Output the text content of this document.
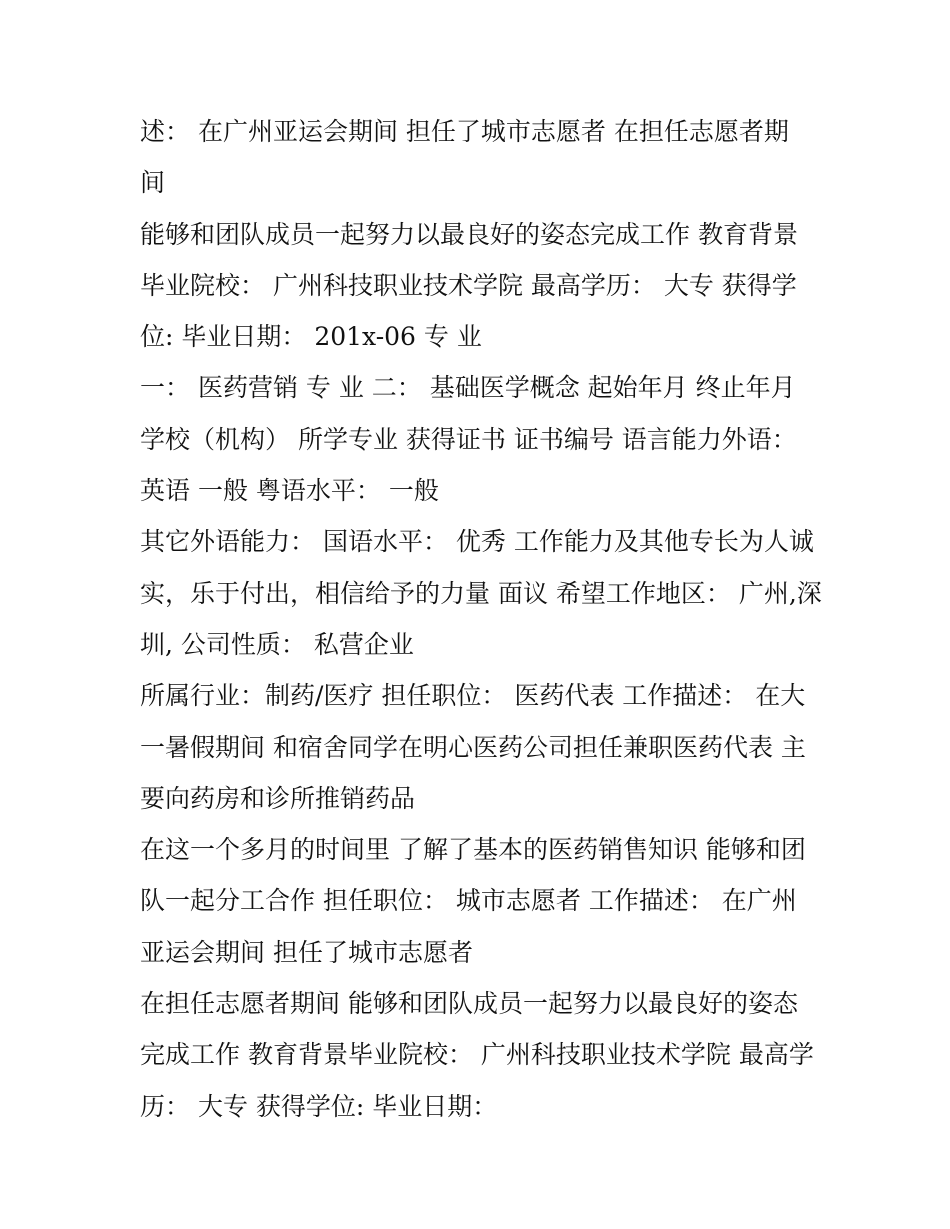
述： 在广州亚运会期间 担任了城市志愿者 在担任志愿者期
间
能够和团队成员一起努力以最良好的姿态完成工作 教育背景
毕业院校： 广州科技职业技术学院 最高学历： 大专 获得学
位: 毕业日期： 201x-06 专 业
一： 医药营销 专 业 二： 基础医学概念 起始年月 终止年月
学校（机构） 所学专业 获得证书 证书编号 语言能力外语：
英语 一般 粤语水平： 一般
其它外语能力： 国语水平： 优秀 工作能力及其他专长为人诚
实，乐于付出，相信给予的力量 面议 希望工作地区： 广州,深
圳, 公司性质： 私营企业
所属行业：制药/医疗 担任职位： 医药代表 工作描述： 在大
一暑假期间 和宿舍同学在明心医药公司担任兼职医药代表 主
要向药房和诊所推销药品
在这一个多月的时间里 了解了基本的医药销售知识 能够和团
队一起分工合作 担任职位： 城市志愿者 工作描述： 在广州
亚运会期间 担任了城市志愿者
在担任志愿者期间 能够和团队成员一起努力以最良好的姿态
完成工作 教育背景毕业院校： 广州科技职业技术学院 最高学
历： 大专 获得学位: 毕业日期：
